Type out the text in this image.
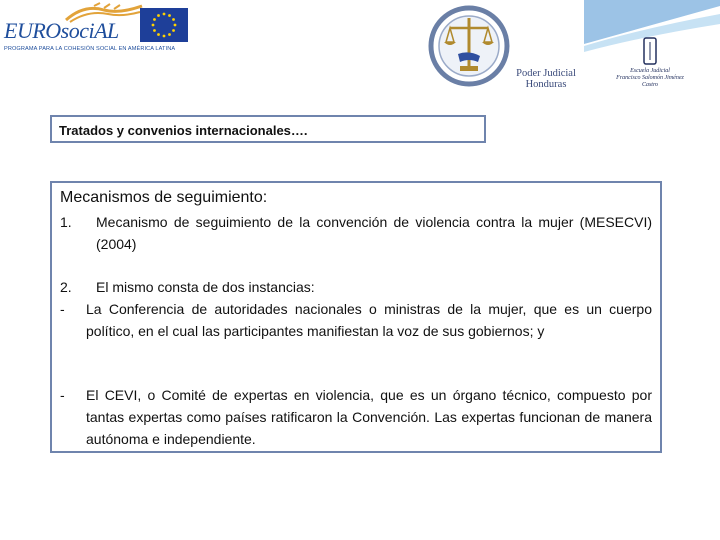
EUROsociAL
PROGRAMA PARA LA COHESIÓN SOCIAL EN AMÉRICA LATINA
Poder Judicial
Honduras
Escuela Judicial
Francisco Salomón Jiménez Castro
Tratados y convenios internacionales….
Mecanismos de seguimiento:
1. Mecanismo de seguimiento de la convención de violencia contra la mujer (MESECVI) (2004)
2. El mismo consta de dos instancias:
- La Conferencia de autoridades nacionales o ministras de la mujer, que es un cuerpo político, en el cual las participantes manifiestan la voz de sus gobiernos; y
- El CEVI, o Comité de expertas en violencia, que es un órgano técnico, compuesto por tantas expertas como países ratificaron la Convención. Las expertas funcionan de manera autónoma e independiente.
